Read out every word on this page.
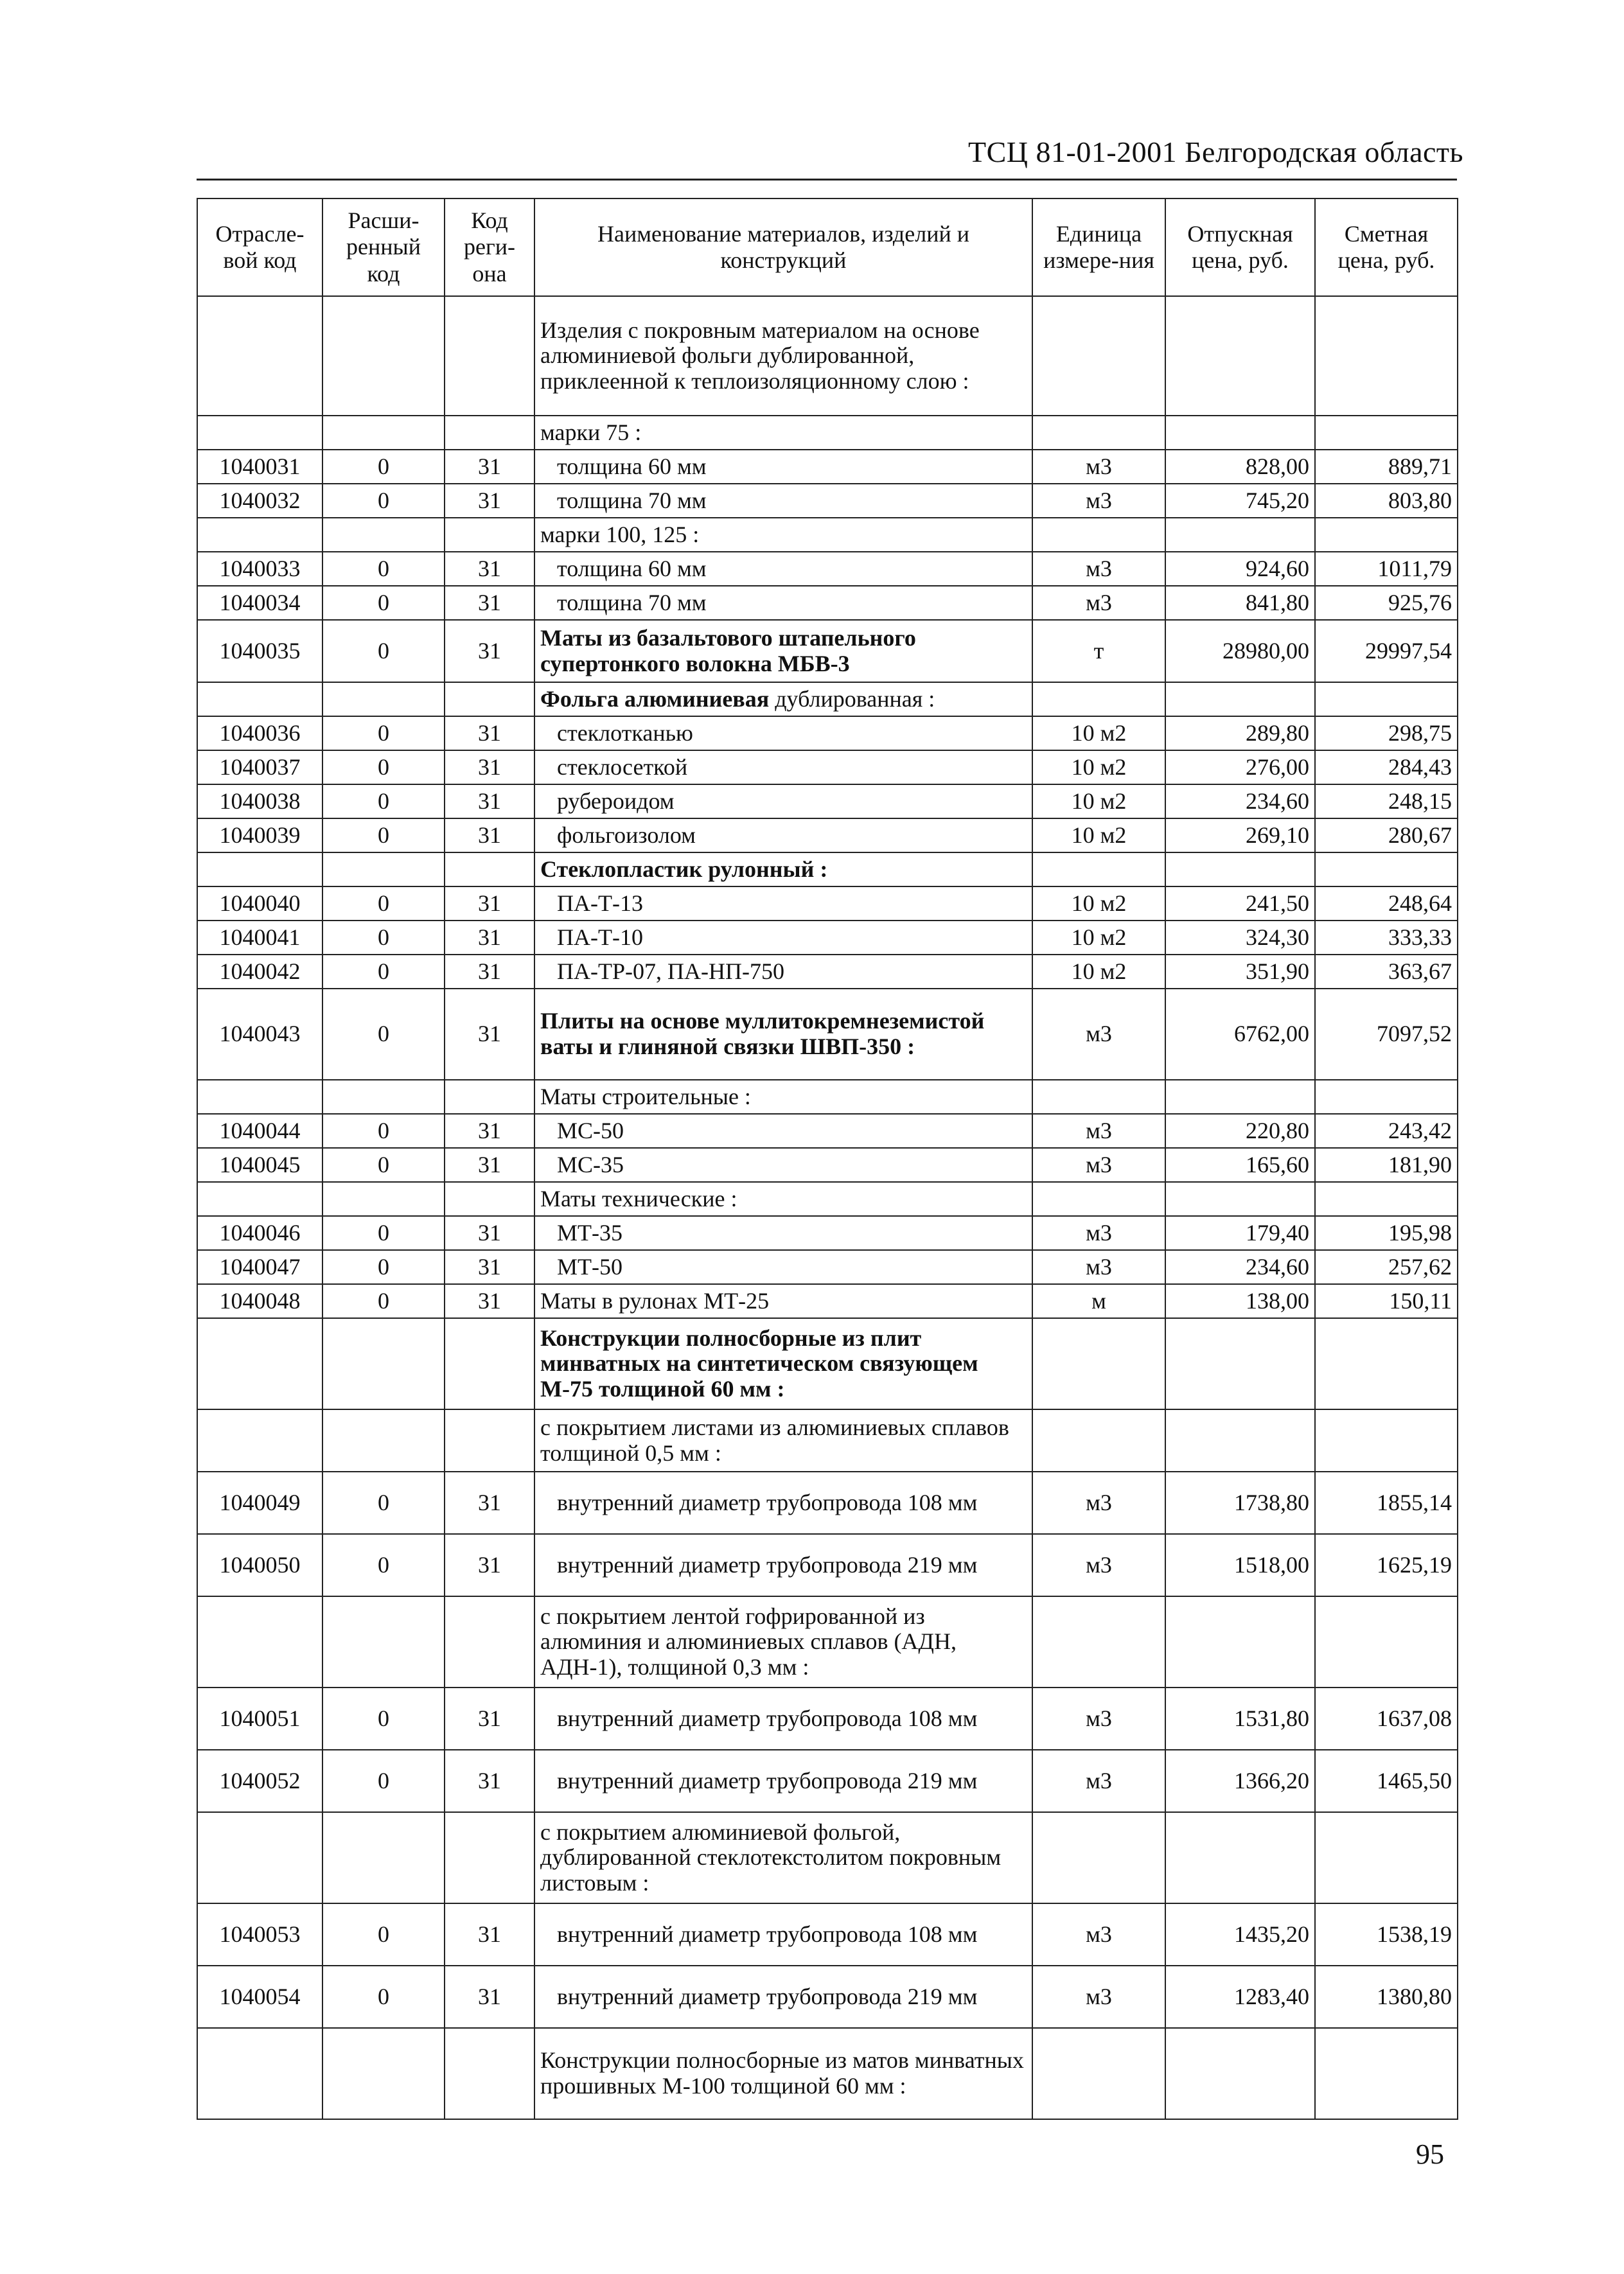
ТСЦ 81-01-2001 Белгородская область
Отрасле-вой код	Расши-ренный код	Код реги-она	Наименование материалов, изделий и конструкций	Единица измере-ния	Отпускная цена, руб.	Сметная цена, руб.
			Изделия с покровным материалом на основе алюминиевой фольги дублированной, приклеенной к теплоизоляционному слою :			
			марки 75 :			
1040031	0	31	толщина 60 мм	м3	828,00	889,71
1040032	0	31	толщина 70 мм	м3	745,20	803,80
			марки 100, 125 :			
1040033	0	31	толщина 60 мм	м3	924,60	1011,79
1040034	0	31	толщина 70 мм	м3	841,80	925,76
1040035	0	31	Маты из базальтового штапельного супертонкого волокна МБВ-3	т	28980,00	29997,54
			Фольга алюминиевая дублированная :			
1040036	0	31	стеклотканью	10 м2	289,80	298,75
1040037	0	31	стеклосеткой	10 м2	276,00	284,43
1040038	0	31	рубероидом	10 м2	234,60	248,15
1040039	0	31	фольгоизолом	10 м2	269,10	280,67
			Стеклопластик рулонный :			
1040040	0	31	ПА-Т-13	10 м2	241,50	248,64
1040041	0	31	ПА-Т-10	10 м2	324,30	333,33
1040042	0	31	ПА-ТР-07, ПА-НП-750	10 м2	351,90	363,67
1040043	0	31	Плиты на основе муллитокремнеземистой ваты и глиняной связки ШВП-350 :	м3	6762,00	7097,52
			Маты строительные :			
1040044	0	31	МС-50	м3	220,80	243,42
1040045	0	31	МС-35	м3	165,60	181,90
			Маты технические :			
1040046	0	31	МТ-35	м3	179,40	195,98
1040047	0	31	МТ-50	м3	234,60	257,62
1040048	0	31	Маты в рулонах МТ-25	м	138,00	150,11
			Конструкции полносборные из плит минватных на синтетическом связующем М-75 толщиной 60 мм :			
			с покрытием листами из алюминиевых сплавов толщиной 0,5 мм :			
1040049	0	31	внутренний диаметр трубопровода 108 мм	м3	1738,80	1855,14
1040050	0	31	внутренний диаметр трубопровода 219 мм	м3	1518,00	1625,19
			с покрытием лентой гофрированной из алюминия и алюминиевых сплавов (АДН, АДН-1), толщиной 0,3 мм :			
1040051	0	31	внутренний диаметр трубопровода 108 мм	м3	1531,80	1637,08
1040052	0	31	внутренний диаметр трубопровода 219 мм	м3	1366,20	1465,50
			с покрытием алюминиевой фольгой, дублированной стеклотекстолитом покровным листовым :			
1040053	0	31	внутренний диаметр трубопровода 108 мм	м3	1435,20	1538,19
1040054	0	31	внутренний диаметр трубопровода 219 мм	м3	1283,40	1380,80
			Конструкции полносборные из матов минватных прошивных М-100 толщиной 60 мм :			
95
